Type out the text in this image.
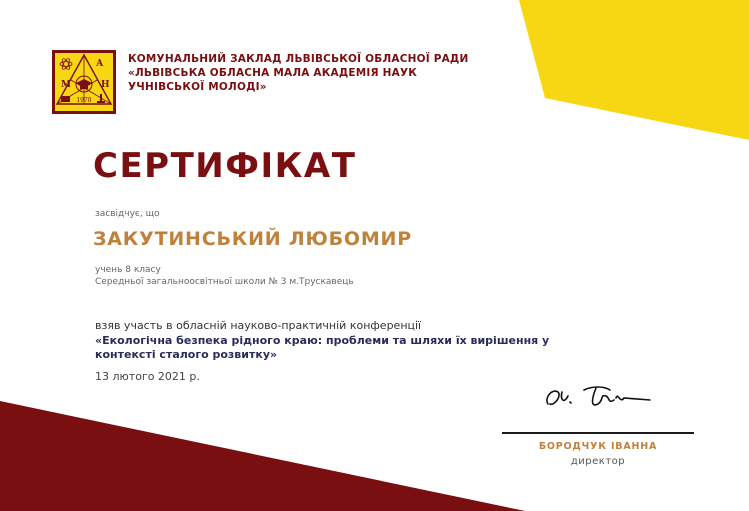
А
М	Н
1978
КОМУНАЛЬНИЙ ЗАКЛАД ЛЬВІВСЬКОЇ ОБЛАСНОЇ РАДИ
«ЛЬВІВСЬКА ОБЛАСНА МАЛА АКАДЕМІЯ НАУК
УЧНІВСЬКОЇ МОЛОДІ»
СЕРТИФІКАТ
засвідчує, що
ЗАКУТИНСЬКИЙ ЛЮБОМИР
учень 8 класу
Середньої загальноосвітньої школи № 3 м.Трускавець
взяв участь в обласній науково-практичній конференції
«Екологічна безпека рідного краю: проблеми та шляхи їх вирішення у
контексті сталого розвитку»
13 лютого 2021 р.
БОРОДЧУК ІВАННА
директор
